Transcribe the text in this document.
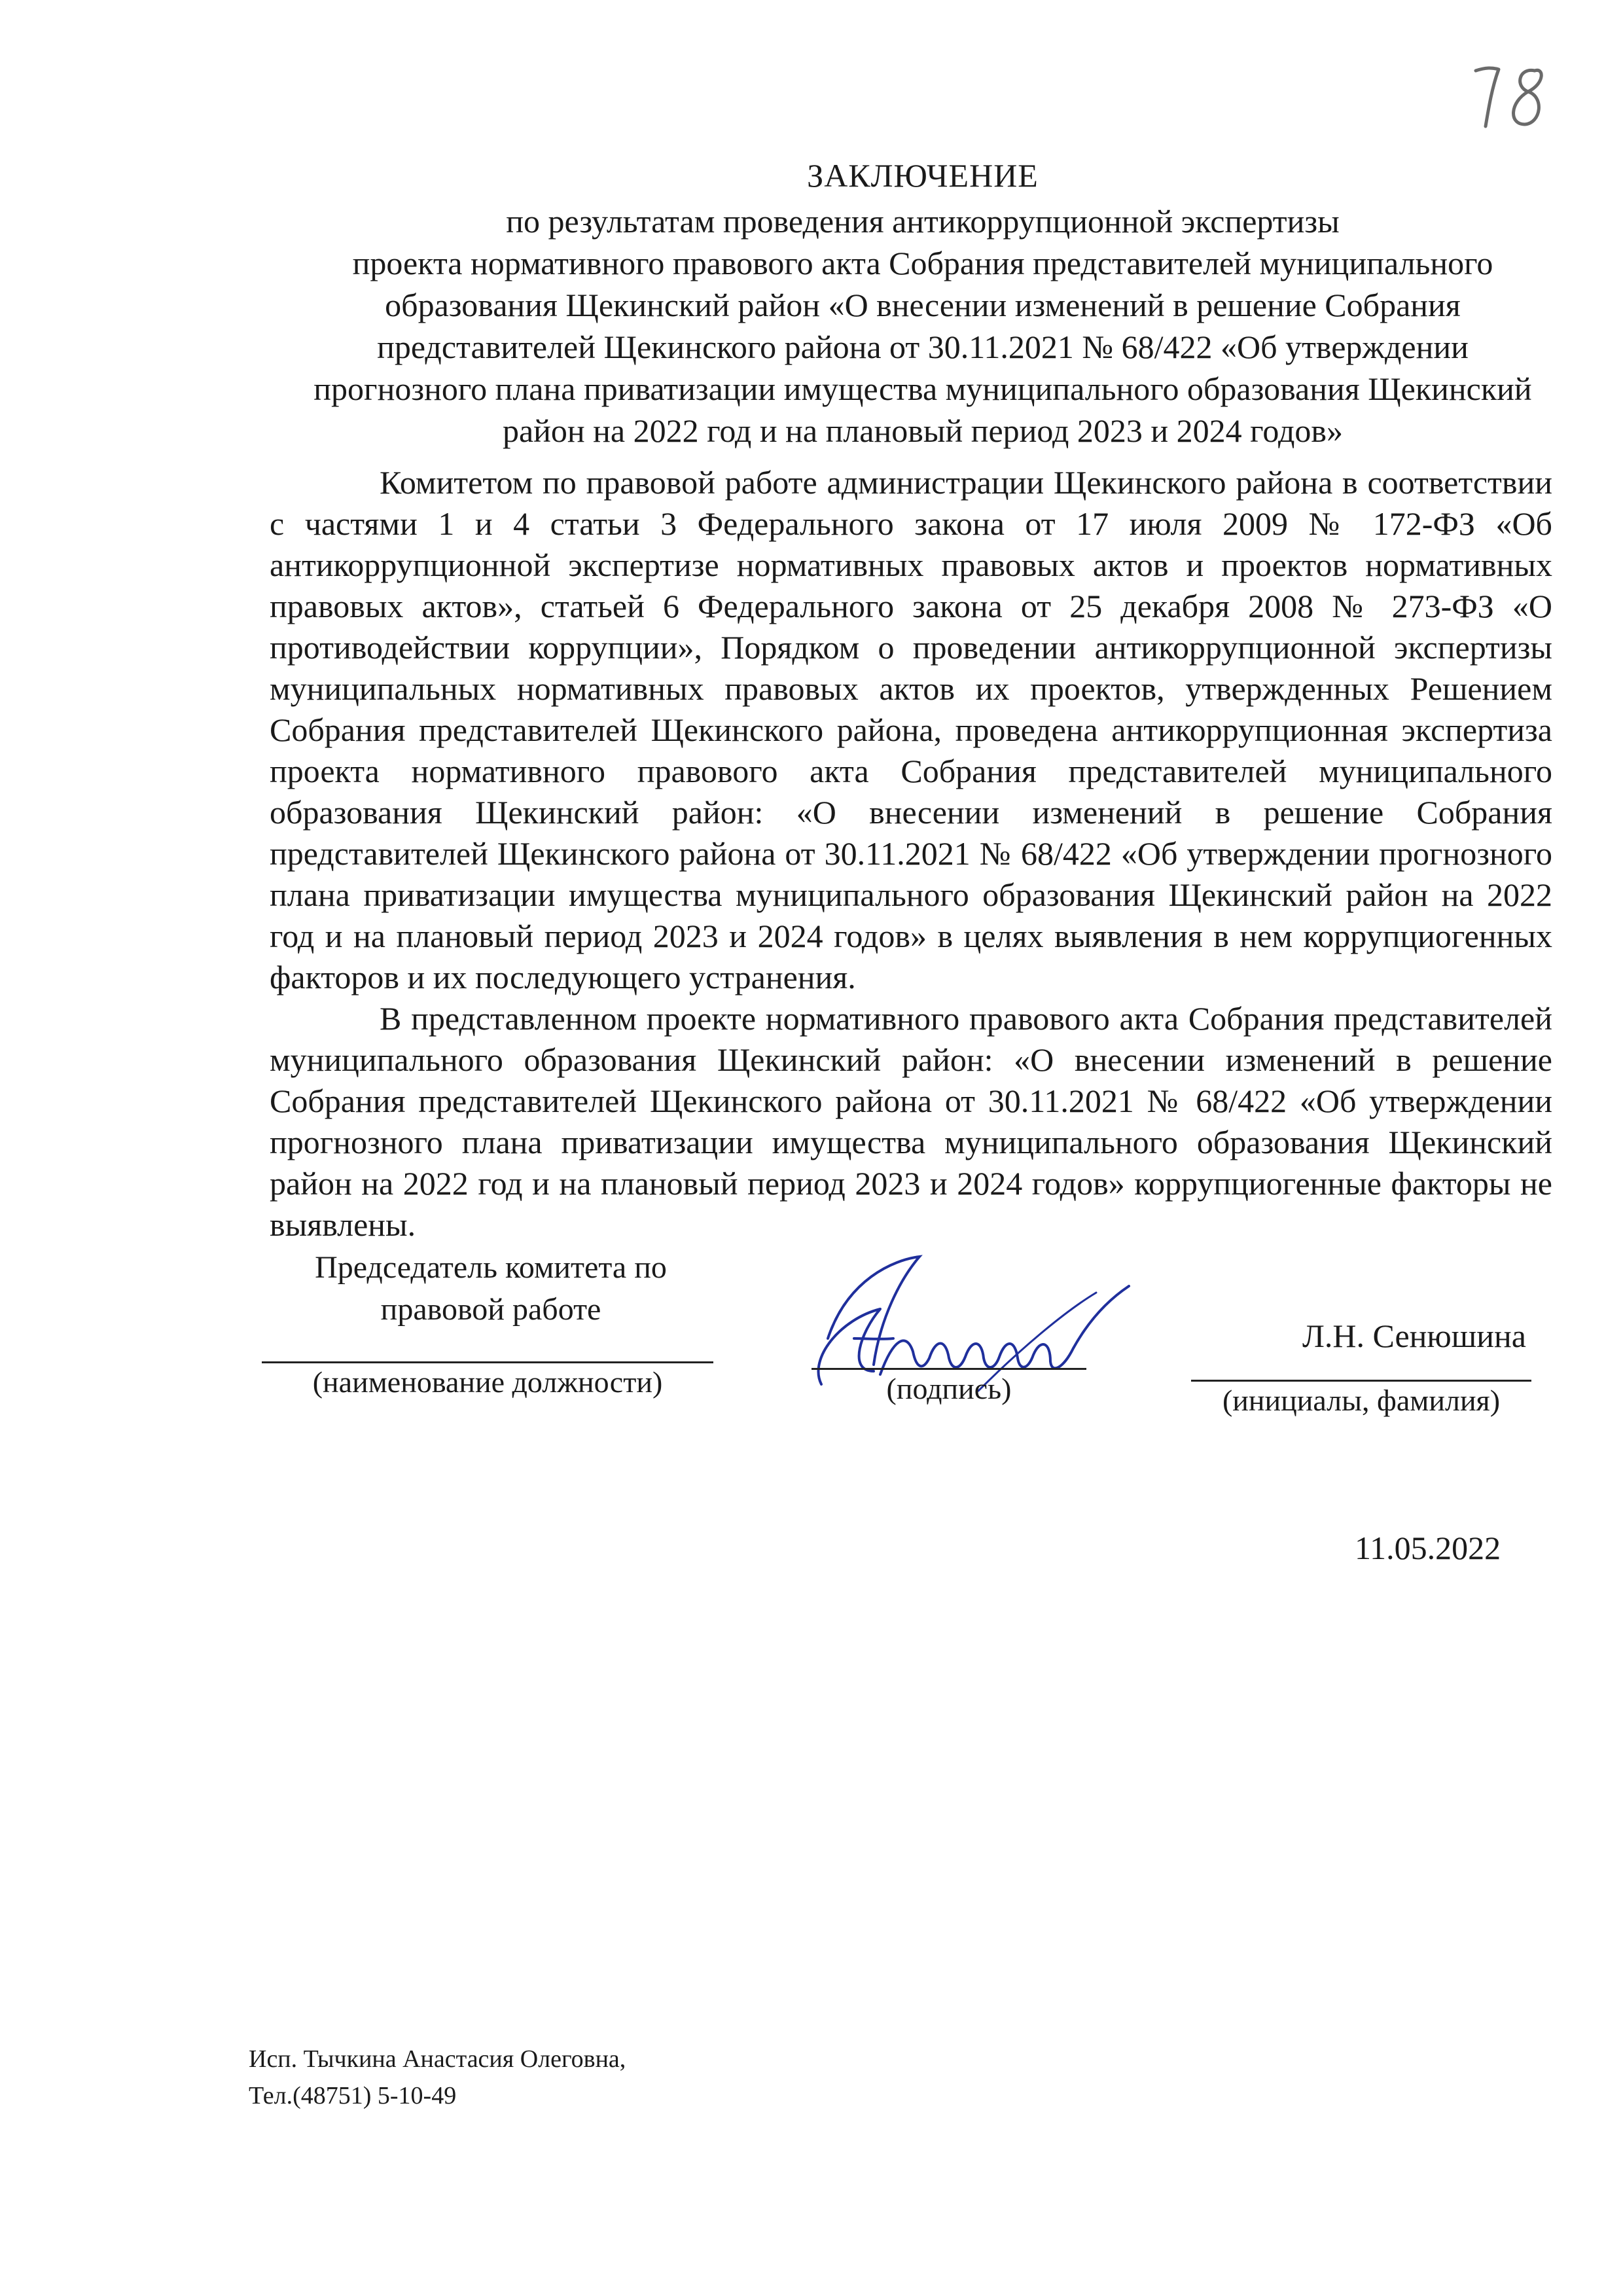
ЗАКЛЮЧЕНИЕ
по результатам проведения антикоррупционной экспертизы
проекта нормативного правового акта Собрания представителей муниципального
образования Щекинский район «О внесении изменений в решение Собрания
представителей Щекинского района от 30.11.2021 № 68/422 «Об утверждении
прогнозного плана приватизации имущества муниципального образования Щекинский
район на 2022 год и на плановый период 2023 и 2024 годов»

Комитетом по правовой работе администрации Щекинского района в соответствии с частями 1 и 4 статьи 3 Федерального закона от 17 июля 2009 № 172-ФЗ «Об антикоррупционной экспертизе нормативных правовых актов и проектов нормативных правовых актов», статьей 6 Федерального закона от 25 декабря 2008 № 273-ФЗ «О противодействии коррупции», Порядком о проведении антикоррупционной экспертизы муниципальных нормативных правовых актов их проектов, утвержденных Решением Собрания представителей Щекинского района, проведена антикоррупционная экспертиза проекта нормативного правового акта Собрания представителей муниципального образования Щекинский район: «О внесении изменений в решение Собрания представителей Щекинского района от 30.11.2021 № 68/422 «Об утверждении прогнозного плана приватизации имущества муниципального образования Щекинский район на 2022 год и на плановый период 2023 и 2024 годов» в целях выявления в нем коррупциогенных факторов и их последующего устранения.

В представленном проекте нормативного правового акта Собрания представителей муниципального образования Щекинский район: «О внесении изменений в решение Собрания представителей Щекинского района от 30.11.2021 № 68/422 «Об утверждении прогнозного плана приватизации имущества муниципального образования Щекинский район на 2022 год и на плановый период 2023 и 2024 годов» коррупциогенные факторы не выявлены.

Председатель комитета по правовой работе
(наименование должности)	(подпись)
Л.Н. Сенюшина
(инициалы, фамилия)
11.05.2022
Исп. Тычкина Анастасия Олеговна,
Тел.(48751) 5-10-49
